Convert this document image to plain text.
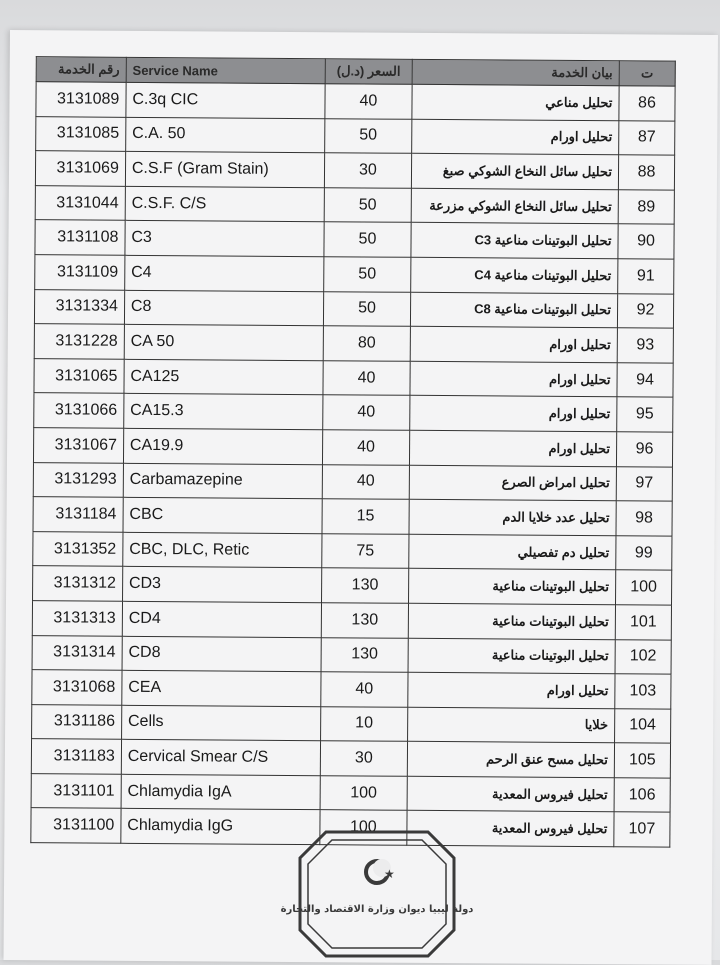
رقم الخدمة	Service Name	السعر (د.ل)	بيان الخدمة	ت
3131089	C.3q CIC	40	تحليل مناعي	86
3131085	C.A. 50	50	تحليل اورام	87
3131069	C.S.F (Gram Stain)	30	تحليل سائل النخاع الشوكي صبغ	88
3131044	C.S.F. C/S	50	تحليل سائل النخاع الشوكي مزرعة	89
3131108	C3	50	تحليل البوتينات مناعية C3	90
3131109	C4	50	تحليل البوتينات مناعية C4	91
3131334	C8	50	تحليل البوتينات مناعية C8	92
3131228	CA 50	80	تحليل اورام	93
3131065	CA125	40	تحليل اورام	94
3131066	CA15.3	40	تحليل اورام	95
3131067	CA19.9	40	تحليل اورام	96
3131293	Carbamazepine	40	تحليل امراض الصرع	97
3131184	CBC	15	تحليل عدد خلايا الدم	98
3131352	CBC, DLC, Retic	75	تحليل دم تفصيلي	99
3131312	CD3	130	تحليل البوتينات مناعية	100
3131313	CD4	130	تحليل البوتينات مناعية	101
3131314	CD8	130	تحليل البوتينات مناعية	102
3131068	CEA	40	تحليل اورام	103
3131186	Cells	10	خلايا	104
3131183	Cervical Smear C/S	30	تحليل مسح عنق الرحم	105
3131101	Chlamydia IgA	100	تحليل فيروس المعدية	106
3131100	Chlamydia IgG	100	تحليل فيروس المعدية	107
★
دولة ليبيا ديوان وزارة الاقتصاد والتجارة
